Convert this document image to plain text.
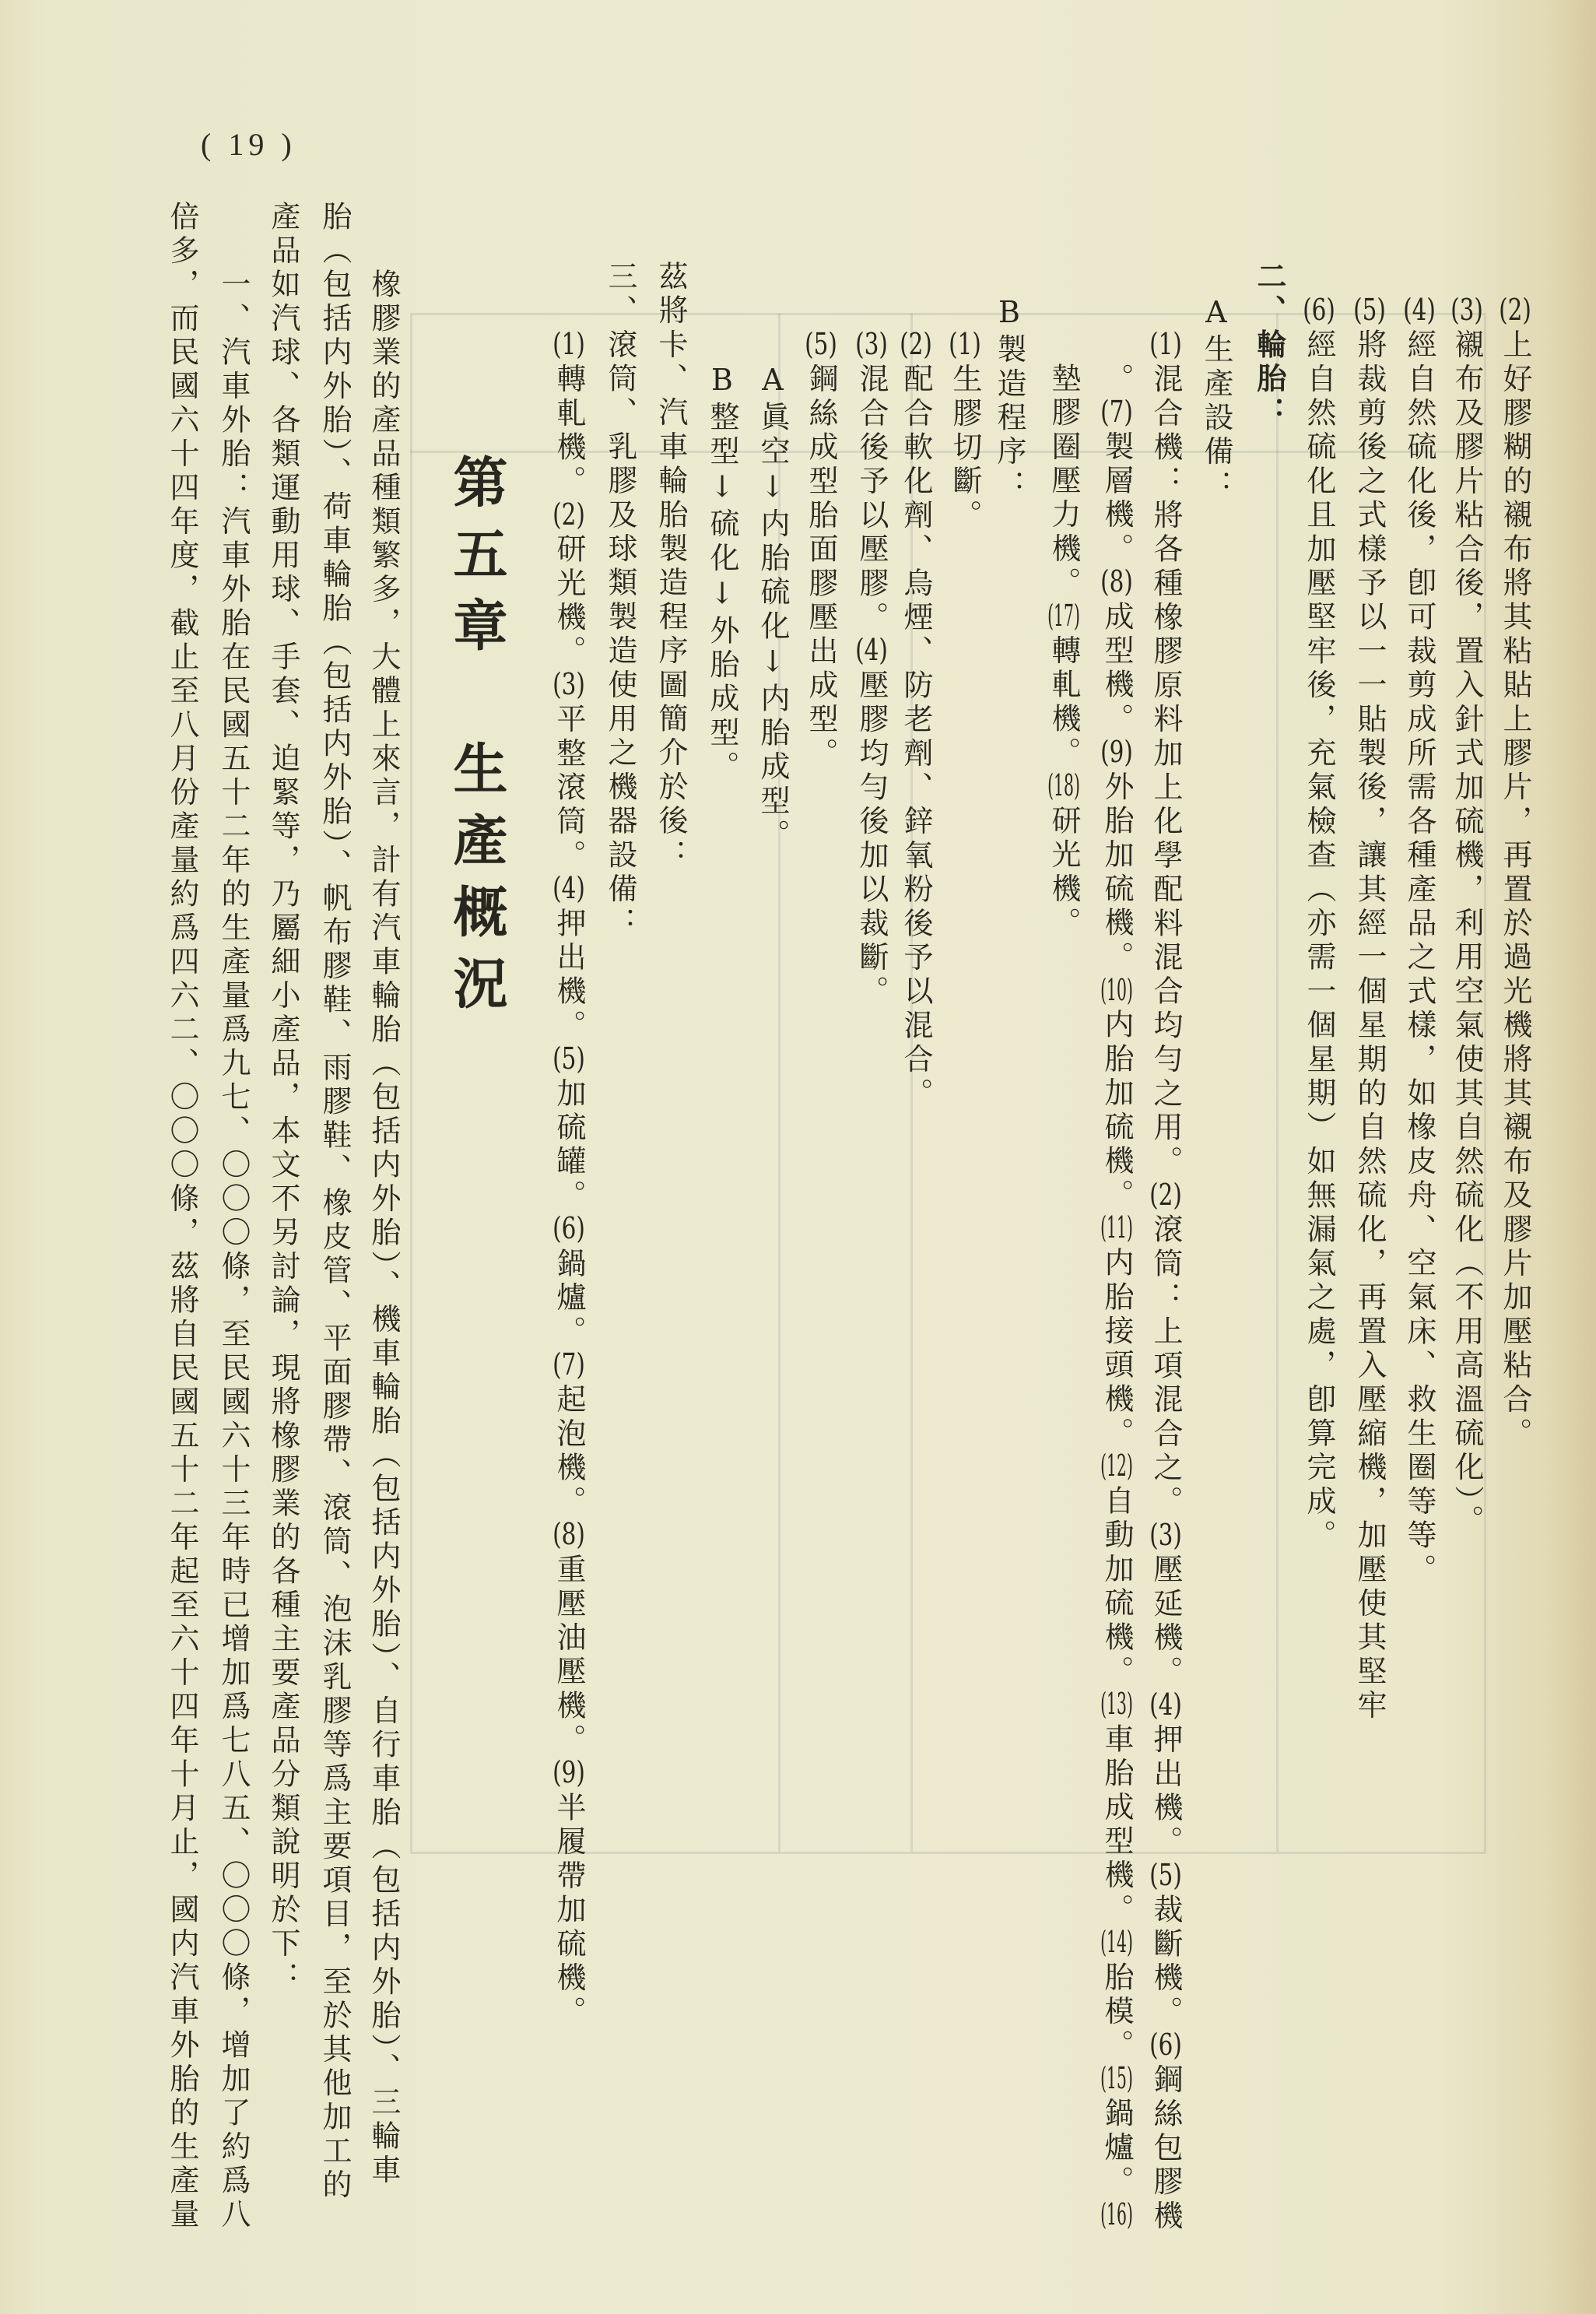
( 19 )
(2)上好膠糊的襯布將其粘貼上膠片，再置於過光機將其襯布及膠片加壓粘合。
(3)襯布及膠片粘合後，置入針式加硫機，利用空氣使其自然硫化（不用高溫硫化）。
(4)經自然硫化後，卽可裁剪成所需各種產品之式樣，如橡皮舟、空氣床、救生圈等等。
(5)將裁剪後之式樣予以一一貼製後，讓其經一個星期的自然硫化，再置入壓縮機，加壓使其堅牢
(6)經自然硫化且加壓堅牢後，充氣檢查（亦需一個星期）如無漏氣之處，卽算完成。
二、輪胎：
A生產設備：
(1)混合機：將各種橡膠原料加上化學配料混合均勻之用。(2)滾筒：上項混合之。(3)壓延機。(4)押出機。(5)裁斷機。(6)鋼絲包膠機
。(7)製層機。(8)成型機。(9)外胎加硫機。(10)内胎加硫機。(11)内胎接頭機。(12)自動加硫機。(13)車胎成型機。(14)胎模。(15)鍋爐。(16)
墊膠圈壓力機。(17)轉軋機。(18)研光機。
B製造程序：
(1)生膠切斷。
(2)配合軟化劑、烏煙、防老劑、鋅氧粉後予以混合。
(3)混合後予以壓膠。(4)壓膠均勻後加以裁斷。
(5)鋼絲成型胎面膠壓出成型。
A眞空↓内胎硫化↓内胎成型。
B整型↓硫化↓外胎成型。
茲將卡、汽車輪胎製造程序圖簡介於後：
三、滾筒、乳膠及球類製造使用之機器設備：
(1)轉軋機。(2)研光機。(3)平整滾筒。(4)押出機。(5)加硫罐。(6)鍋爐。(7)起泡機。(8)重壓油壓機。(9)半履帶加硫機。
第五章　生產概況
橡膠業的產品種類繁多，大體上來言，計有汽車輪胎（包括内外胎）、機車輪胎（包括内外胎）、自行車胎（包括内外胎）、三輪車
胎（包括内外胎）、荷車輪胎（包括内外胎）、帆布膠鞋、雨膠鞋、橡皮管、平面膠帶、滾筒、泡沫乳膠等爲主要項目，至於其他加工的
產品如汽球、各類運動用球、手套、迫緊等，乃屬細小產品，本文不另討論，現將橡膠業的各種主要產品分類說明於下：
一、汽車外胎：汽車外胎在民國五十二年的生產量爲九七、〇〇〇條，至民國六十三年時已增加爲七八五、〇〇〇條，增加了約爲八
倍多，而民國六十四年度，截止至八月份產量約爲四六二、〇〇〇條，茲將自民國五十二年起至六十四年十月止，國内汽車外胎的生產量
